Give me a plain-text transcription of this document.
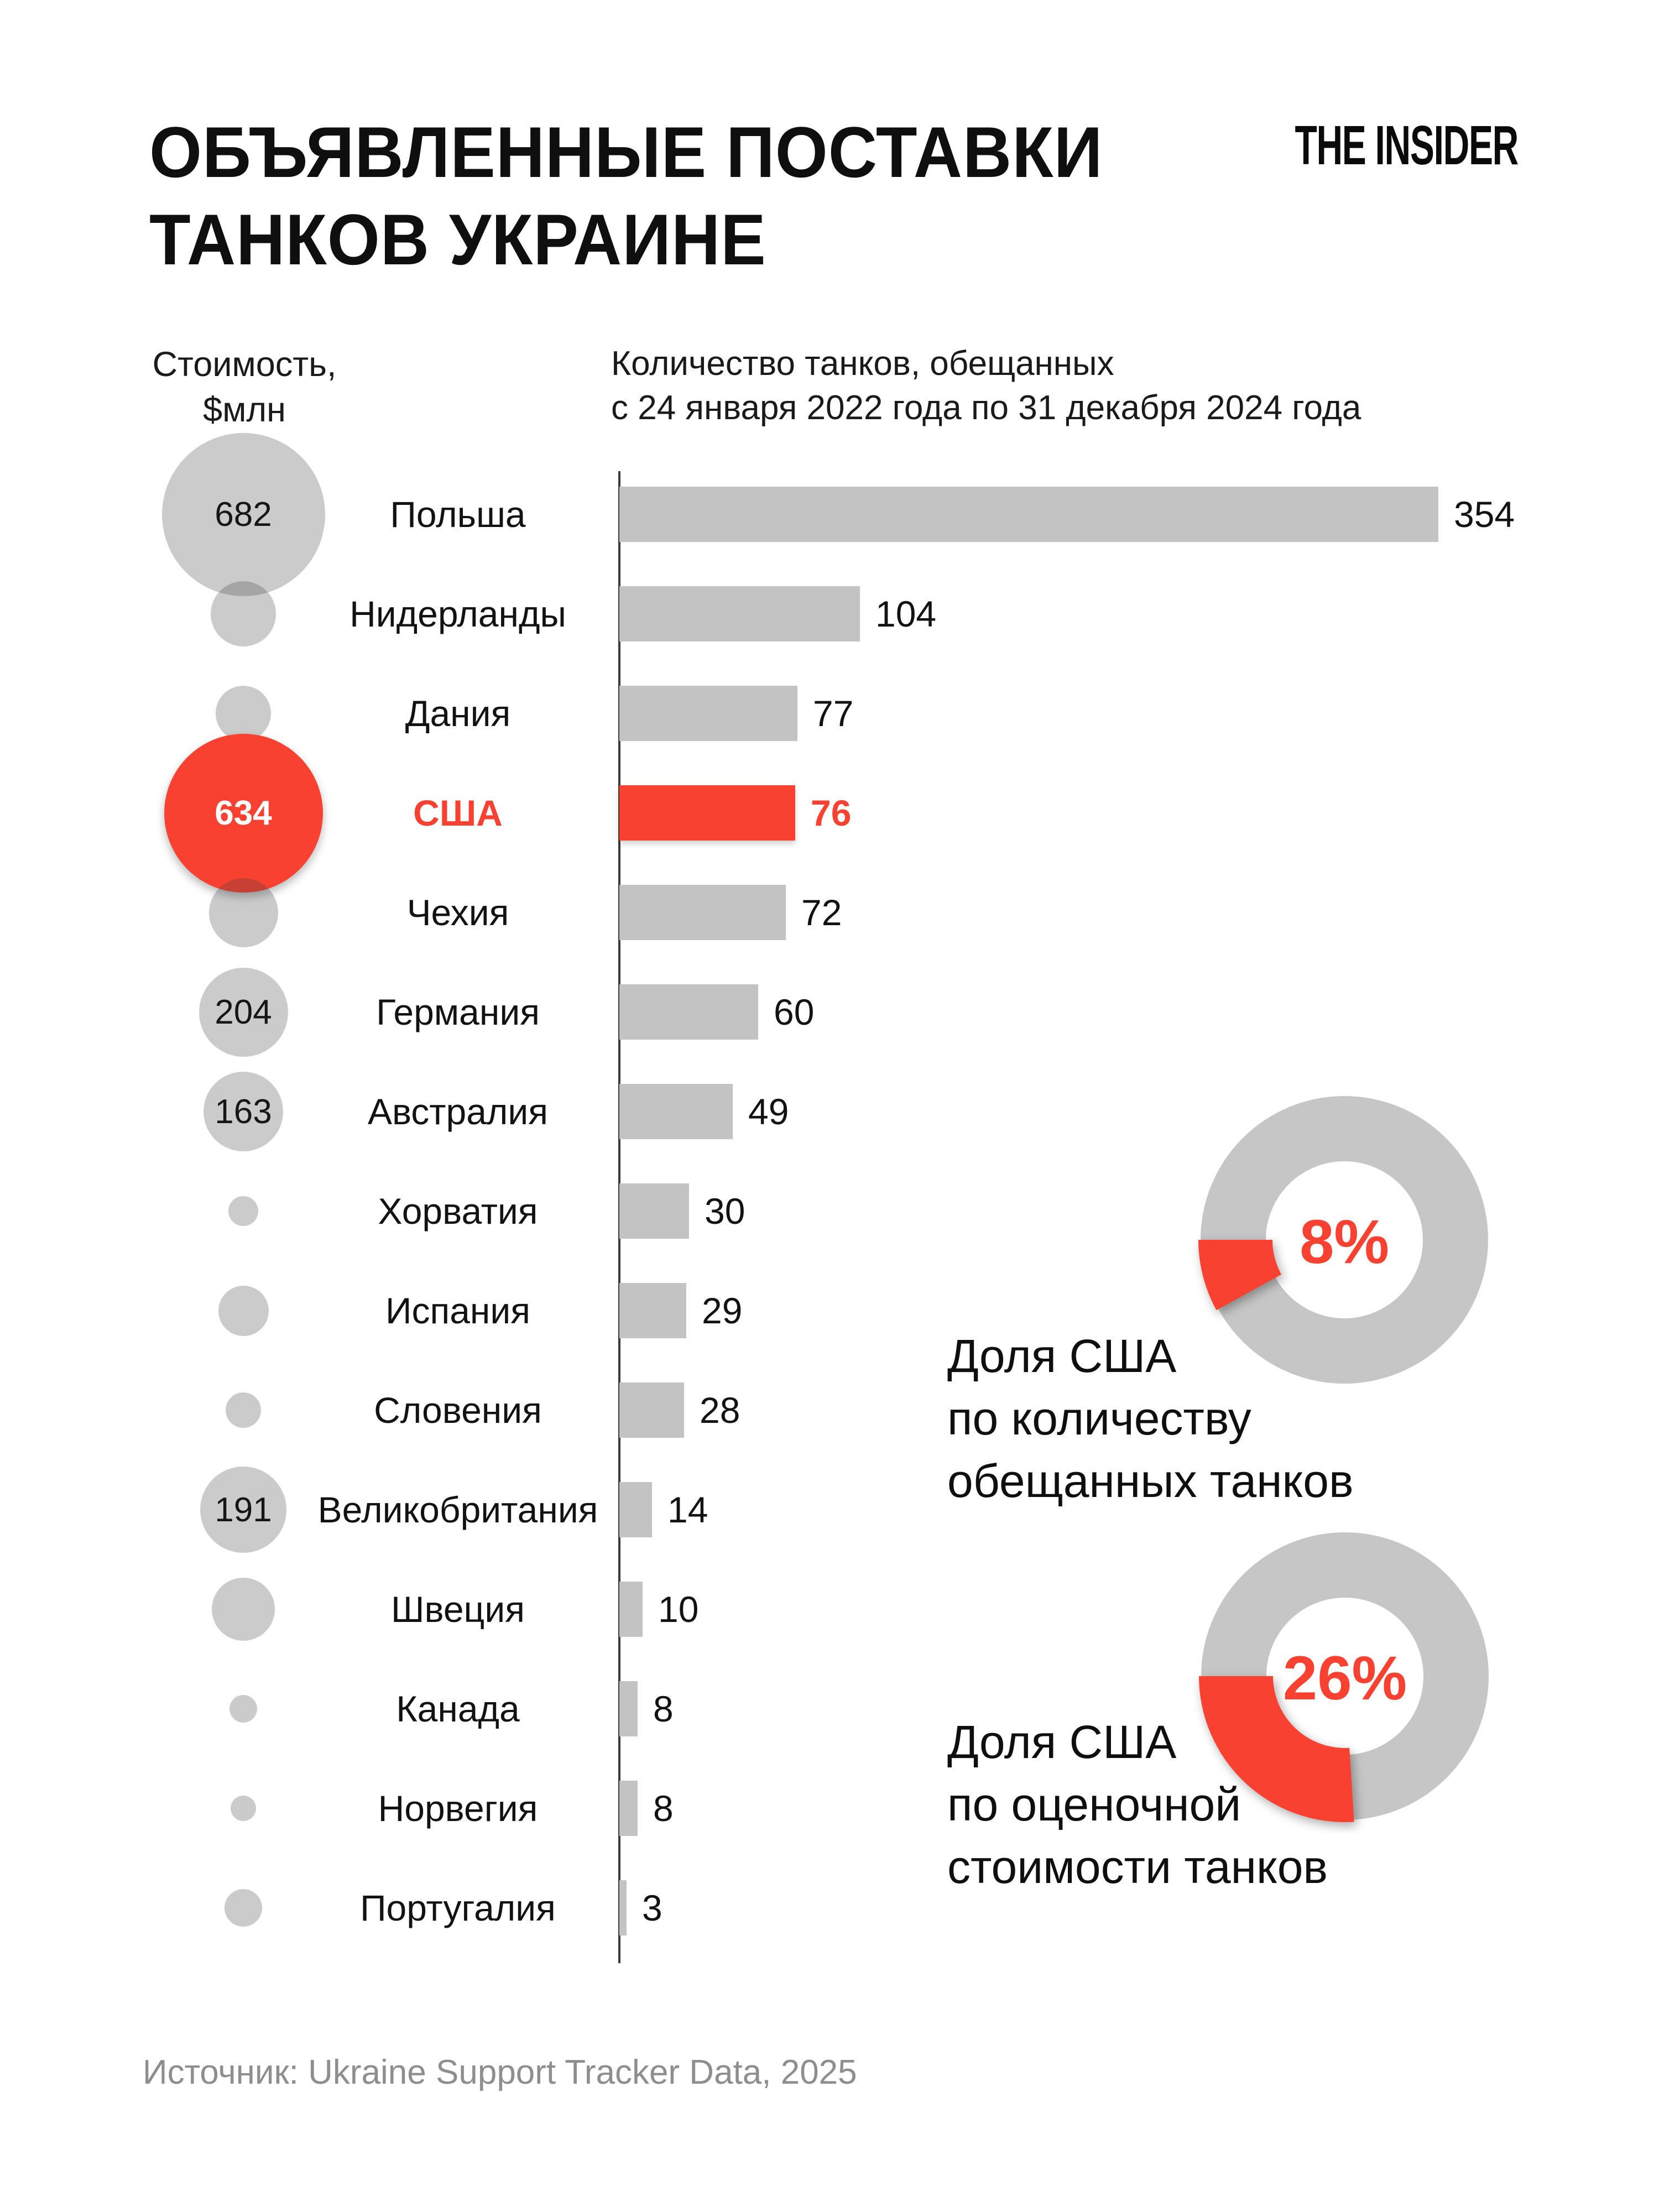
ОБЪЯВЛЕННЫЕ ПОСТАВКИ
ТАНКОВ УКРАИНЕ
THE INSIDER
Стоимость,
$млн
Количество танков, обещанных
с 24 января 2022 года по 31 декабря 2024 года
682	Польша	354
Нидерланды	104
Дания	77
634	США	76
Чехия	72
204	Германия	60
163	Австралия	49
Хорватия	30
Испания	29
Словения	28
191	Великобритания	14
Швеция	10
Канада	8
Норвегия	8
Португалия	3
8%
Доля США
по количеству
обещанных танков
26%
Доля США
по оценочной
стоимости танков
Источник: Ukraine Support Tracker Data, 2025
